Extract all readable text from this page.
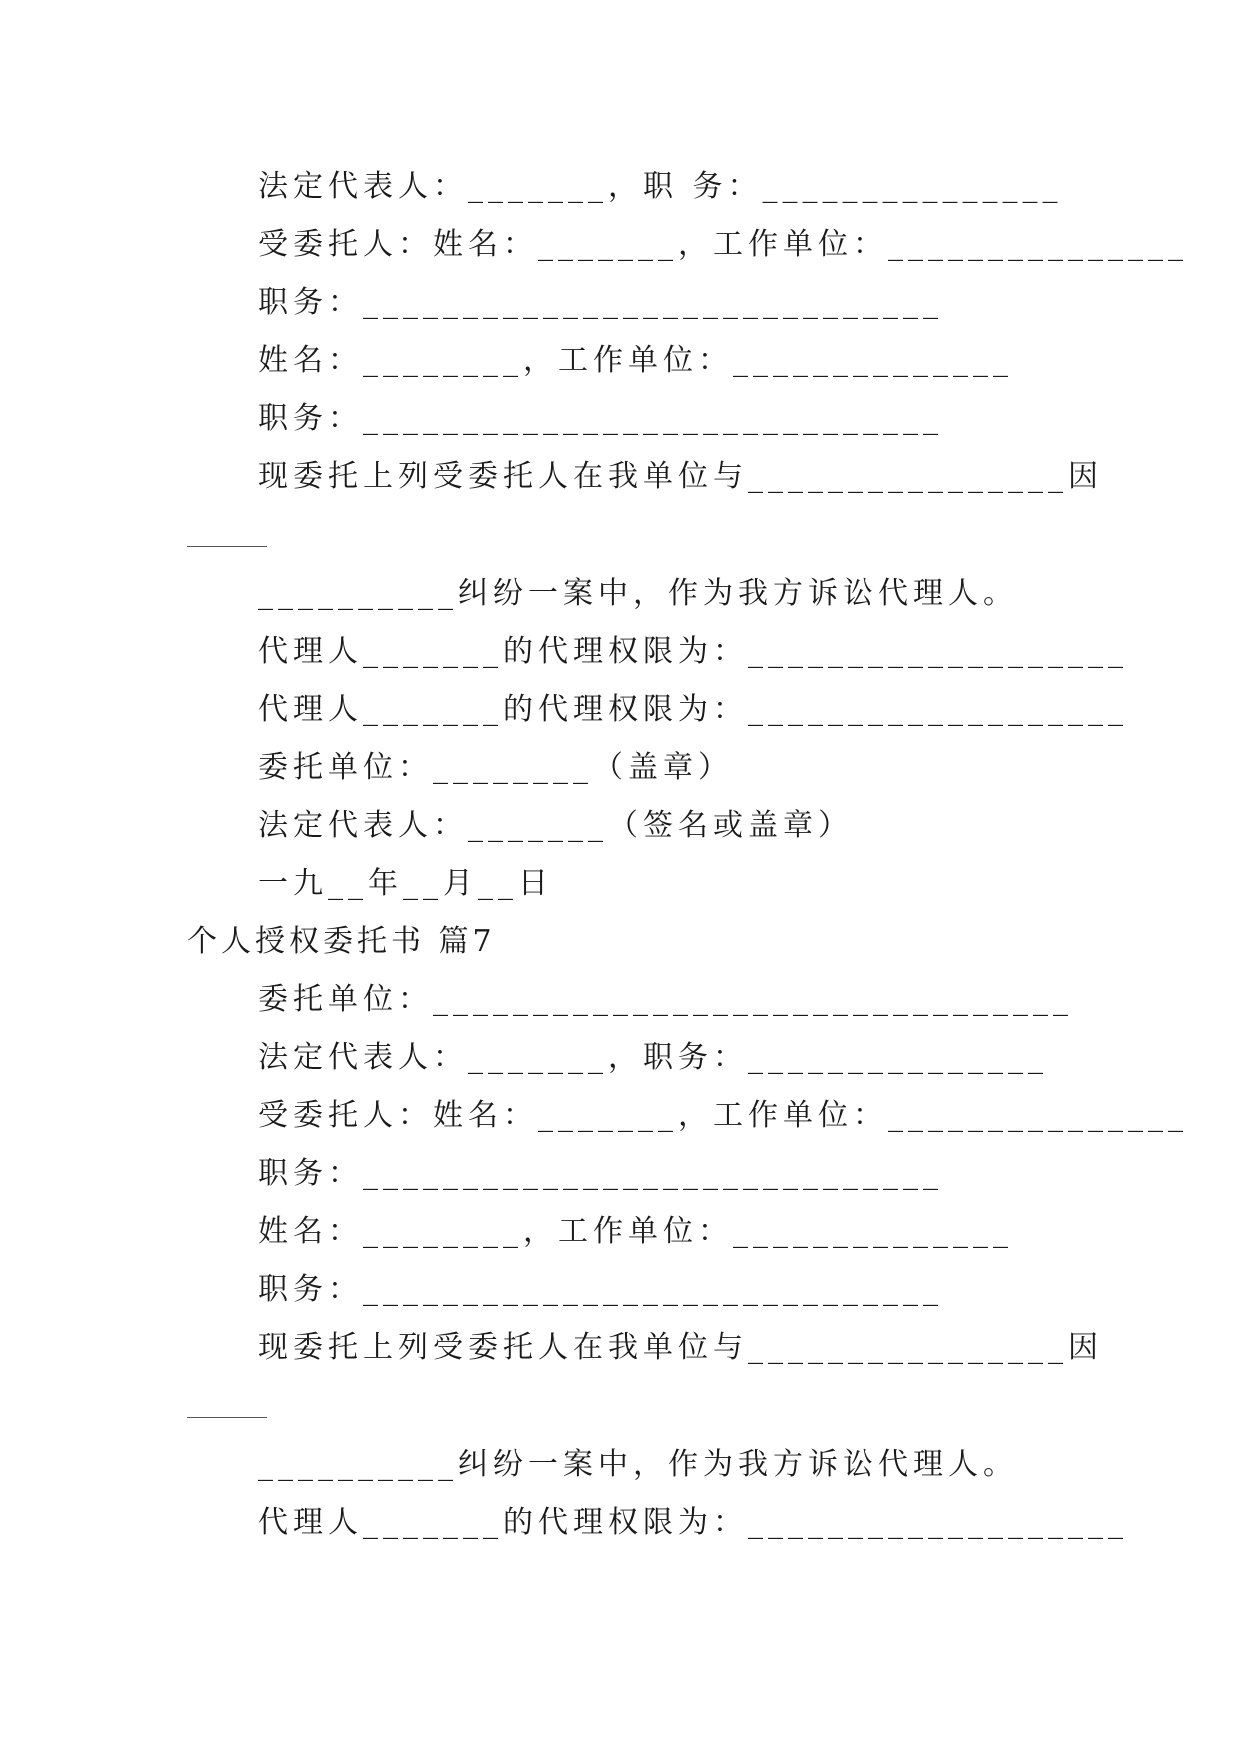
法定代表人：_______，职 务：_______________
受委托人：姓名：_______，工作单位：_______________
职务：_____________________________
姓名：________，工作单位：______________
职务：_____________________________
现委托上列受委托人在我单位与________________因
__________纠纷一案中，作为我方诉讼代理人。
代理人_______的代理权限为：___________________
代理人_______的代理权限为：___________________
委托单位：________（盖章）
法定代表人：_______（签名或盖章）
一九__年__月__日
个人授权委托书 篇7
委托单位：________________________________
法定代表人：_______，职务：_______________
受委托人：姓名：_______，工作单位：_______________
职务：_____________________________
姓名：________，工作单位：______________
职务：_____________________________
现委托上列受委托人在我单位与________________因
__________纠纷一案中，作为我方诉讼代理人。
代理人_______的代理权限为：___________________
